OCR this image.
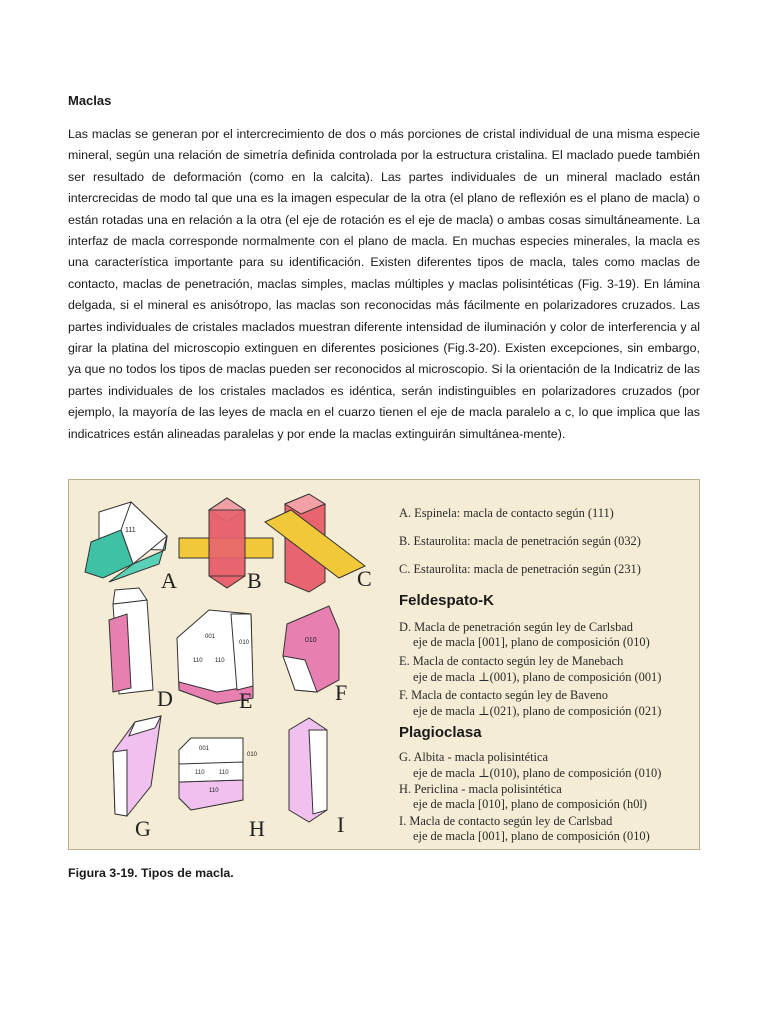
Maclas
Las maclas se generan por el intercrecimiento de dos o más porciones de cristal individual de una misma especie mineral, según una relación de simetría definida controlada por la estructura cristalina. El maclado puede también ser resultado de deformación (como en la calcita). Las partes individuales de un mineral maclado están intercrecidas de modo tal que una es la imagen especular de la otra (el plano de reflexión es el plano de macla) o están rotadas una en relación a la otra (el eje de rotación es el eje de macla) o ambas cosas simultáneamente. La interfaz de macla corresponde normalmente con el plano de macla. En muchas especies minerales, la macla es una característica importante para su identificación. Existen diferentes tipos de macla, tales como maclas de contacto, maclas de penetración, maclas simples, maclas múltiples y maclas polisintéticas (Fig. 3-19). En lámina delgada, si el mineral es anisótropo, las maclas son reconocidas más fácilmente en polarizadores cruzados. Las partes individuales de cristales maclados muestran diferente intensidad de iluminación y color de interferencia y al girar la platina del microscopio extinguen en diferentes posiciones (Fig.3-20). Existen excepciones, sin embargo, ya que no todos los tipos de maclas pueden ser reconocidos al microscopio. Si la orientación de la Indicatriz de las partes individuales de los cristales maclados es idéntica, serán indistinguibles en polarizadores cruzados (por ejemplo, la mayoría de las leyes de macla en el cuarzo tienen el eje de macla paralelo a c, lo que implica que las indicatrices están alineadas paralelas y por ende la maclas extinguirán simultánea-mente).
111
001
110 110
010	010
001
110 110
010
110
A	B	C
D	E	F
G	H	I
A. Espinela: macla de contacto según (111)
B. Estaurolita: macla de penetración según (032)
C. Estaurolita: macla de penetración según (231)
Feldespato-K
D. Macla de penetración según ley de Carlsbad
eje de macla [001], plano de composición (010)
E. Macla de contacto según ley de Manebach
eje de macla ⊥(001), plano de composición (001)
F. Macla de contacto según ley de Baveno
eje de macla ⊥(021), plano de composición (021)
Plagioclasa
G. Albita - macla polisintética
eje de macla ⊥(010), plano de composición (010)
H. Periclina - macla polisintética
eje de macla [010], plano de composición (h0l)
I. Macla de contacto según ley de Carlsbad
eje de macla [001], plano de composición (010)
Figura 3-19. Tipos de macla.
